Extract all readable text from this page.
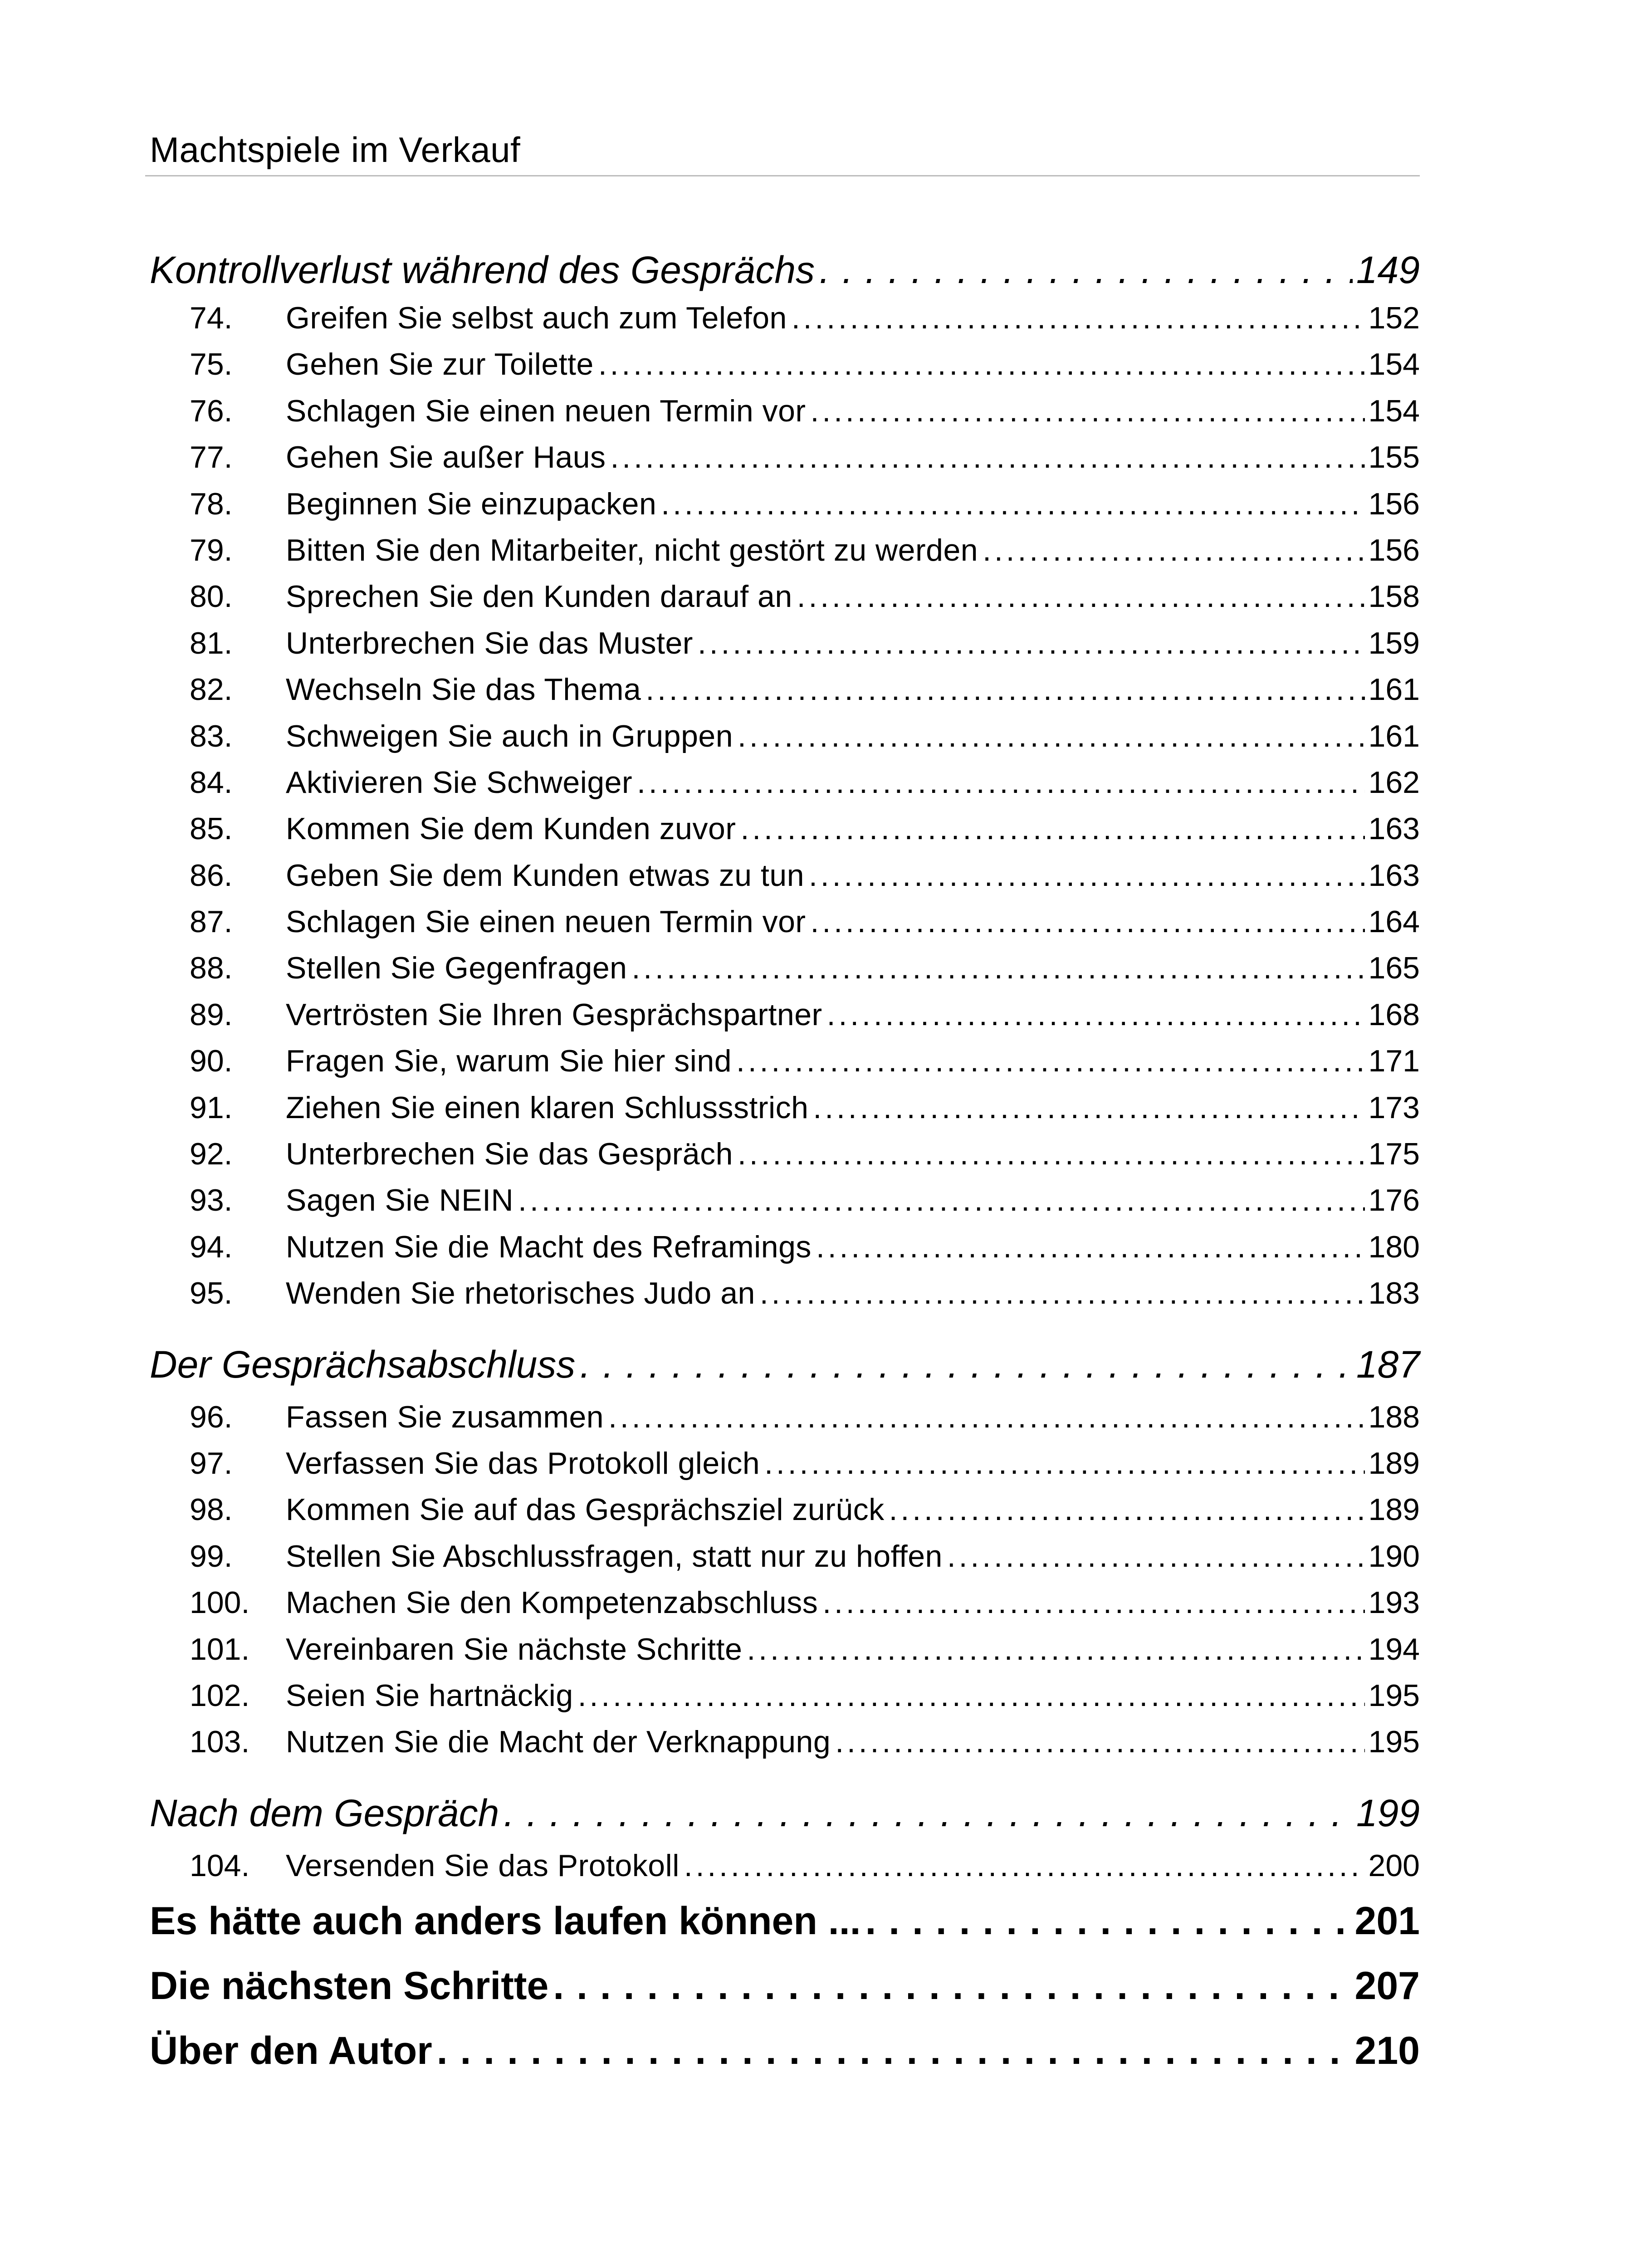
Machtspiele im Verkauf
Kontrollverlust während des Gesprächs . . .	149
74.	Greifen Sie selbst auch zum Telefon . . .	152
75.	Gehen Sie zur Toilette . . .	154
76.	Schlagen Sie einen neuen Termin vor . . .	154
77.	Gehen Sie außer Haus . . .	155
78.	Beginnen Sie einzupacken . . .	156
79.	Bitten Sie den Mitarbeiter, nicht gestört zu werden . . .	156
80.	Sprechen Sie den Kunden darauf an . . .	158
81.	Unterbrechen Sie das Muster . . .	159
82.	Wechseln Sie das Thema . . .	161
83.	Schweigen Sie auch in Gruppen . . .	161
84.	Aktivieren Sie Schweiger . . .	162
85.	Kommen Sie dem Kunden zuvor . . .	163
86.	Geben Sie dem Kunden etwas zu tun . . .	163
87.	Schlagen Sie einen neuen Termin vor . . .	164
88.	Stellen Sie Gegenfragen . . .	165
89.	Vertrösten Sie Ihren Gesprächspartner . . .	168
90.	Fragen Sie, warum Sie hier sind . . .	171
91.	Ziehen Sie einen klaren Schlussstrich . . .	173
92.	Unterbrechen Sie das Gespräch . . .	175
93.	Sagen Sie NEIN . . .	176
94.	Nutzen Sie die Macht des Reframings . . .	180
95.	Wenden Sie rhetorisches Judo an . . .	183
Der Gesprächsabschluss . . .	187
96.	Fassen Sie zusammen . . .	188
97.	Verfassen Sie das Protokoll gleich . . .	189
98.	Kommen Sie auf das Gesprächsziel zurück . . .	189
99.	Stellen Sie Abschlussfragen, statt nur zu hoffen . . .	190
100.	Machen Sie den Kompetenzabschluss . . .	193
101.	Vereinbaren Sie nächste Schritte . . .	194
102.	Seien Sie hartnäckig . . .	195
103.	Nutzen Sie die Macht der Verknappung . . .	195
Nach dem Gespräch . . .	199
104.	Versenden Sie das Protokoll . . .	200
Es hätte auch anders laufen können ... . . .	201
Die nächsten Schritte . . .	207
Über den Autor . . .	210
